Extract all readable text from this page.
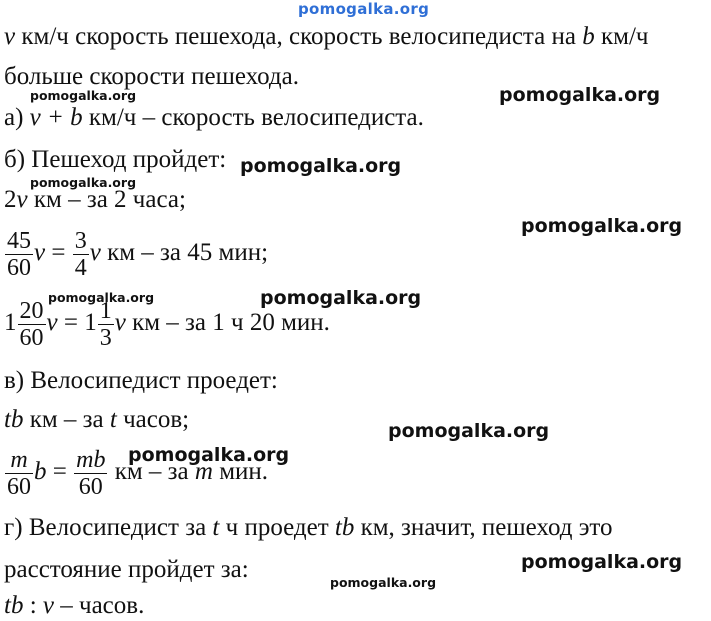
pomogalka.org
v км/ч скорость пешехода, скорость велосипедиста на b км/ч
больше скорости пешехода.
а) v + b км/ч – скорость велосипедиста.
б) Пешеход пройдет:
2v км – за 2 часа;
$\frac{45}{60}$ $v = \frac{3}{4}$ v км – за 45 мин;
$1 \frac{20}{60}$ $v = 1 \frac{1}{3}$ v км – за 1 ч 20 мин.
в) Велосипедист проедет:
tb км – за t часов;
$\frac{m}{60}$ $b = \frac{mb}{60}$ км – за m мин.
г) Велосипедист за t ч проедет tb км, значит, пешеход это
расстояние пройдет за:
tb : v – часов.
pomogalka.org	pomogalka.org
pomogalka.org
pomogalka.org
pomogalka.org
pomogalka.org	pomogalka.org
pomogalka.org
pomogalka.org
pomogalka.org
pomogalka.org
